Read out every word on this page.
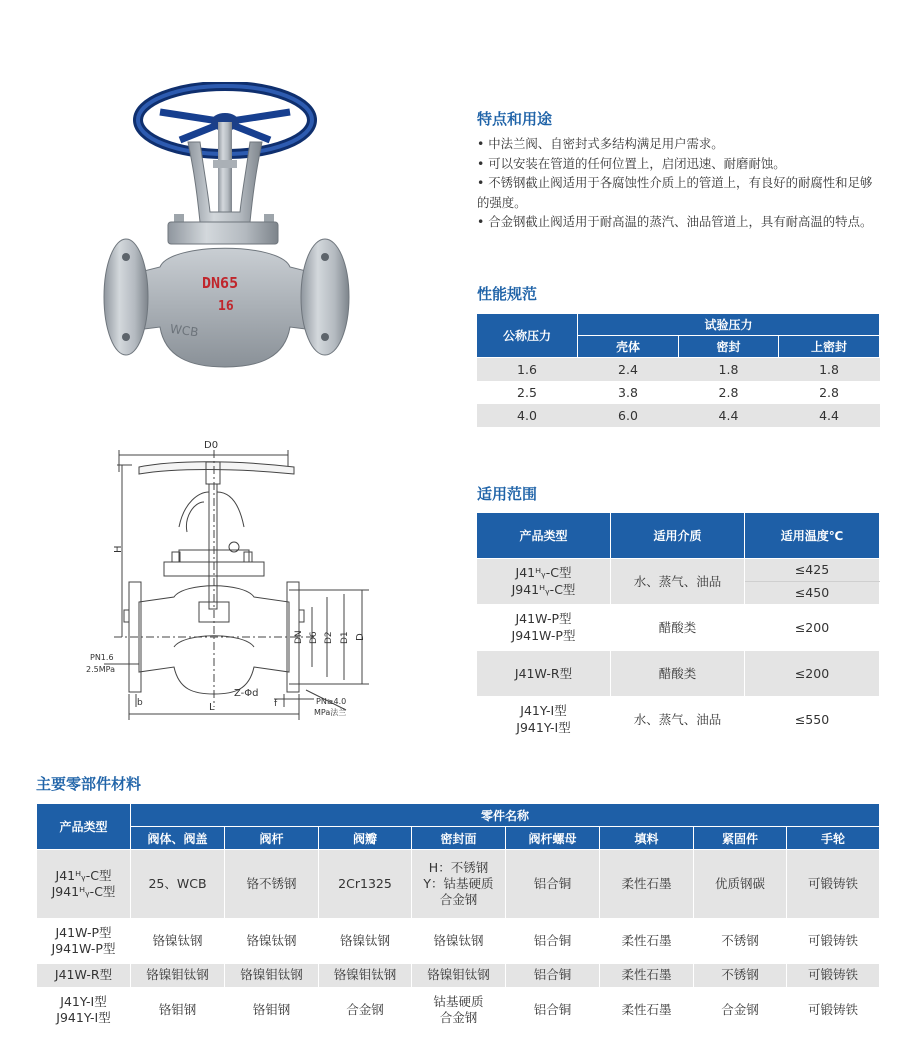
DN65
16
WCB
D0
H
DN D6 D2 D1 D
PN1.6
2.5MPa
PN≥4.0
MPa法兰
Z-Φd
b	f
L
特点和用途

• 中法兰阀、自密封式多结构满足用户需求。

• 可以安装在管道的任何位置上，启闭迅速、耐磨耐蚀。

• 不锈钢截止阀适用于各腐蚀性介质上的管道上，有良好的耐腐性和足够的强度。

• 合金钢截止阀适用于耐高温的蒸汽、油品管道上，具有耐高温的特点。

性能规范
公称压力	试验压力		
	壳体	密封	上密封
1.6	2.4	1.8	1.8
2.5	3.8	2.8	2.8
4.0	6.0	4.4	4.4
适用范围
产品类型	适用介质	适用温度℃

J41ᴴᵧ-C型
J941ᴴᵧ-C型	水、蒸气、油品	≤425
		≤450

J41W-P型
J941W-P型	醋酸类	≤200
J41W-R型	醋酸类	≤200

J41Y-I型
J941Y-I型	水、蒸气、油品	≤550
主要零部件材料
产品类型	零件名称							
	阀体、阀盖	阀杆	阀瓣	密封面	阀杆螺母	填料	紧固件	手轮

J41ᴴᵧ-C型
J941ᴴᵧ-C型	25、WCB	铬不锈钢	2Cr1325	H：不锈钢
Y：钴基硬质
合金钢	铝合铜	柔性石墨	优质钢碳	可锻铸铁

J41W-P型
J941W-P型	铬镍钛钢	铬镍钛钢	铬镍钛钢	铬镍钛钢	铝合铜	柔性石墨	不锈钢	可锻铸铁
J41W-R型	铬镍钼钛钢	铬镍钼钛钢	铬镍钼钛钢	铬镍钼钛钢	铝合铜	柔性石墨	不锈钢	可锻铸铁

J41Y-I型
J941Y-I型	铬钼钢	铬钼钢	合金钢	钴基硬质
合金钢	铝合铜	柔性石墨	合金钢	可锻铸铁
